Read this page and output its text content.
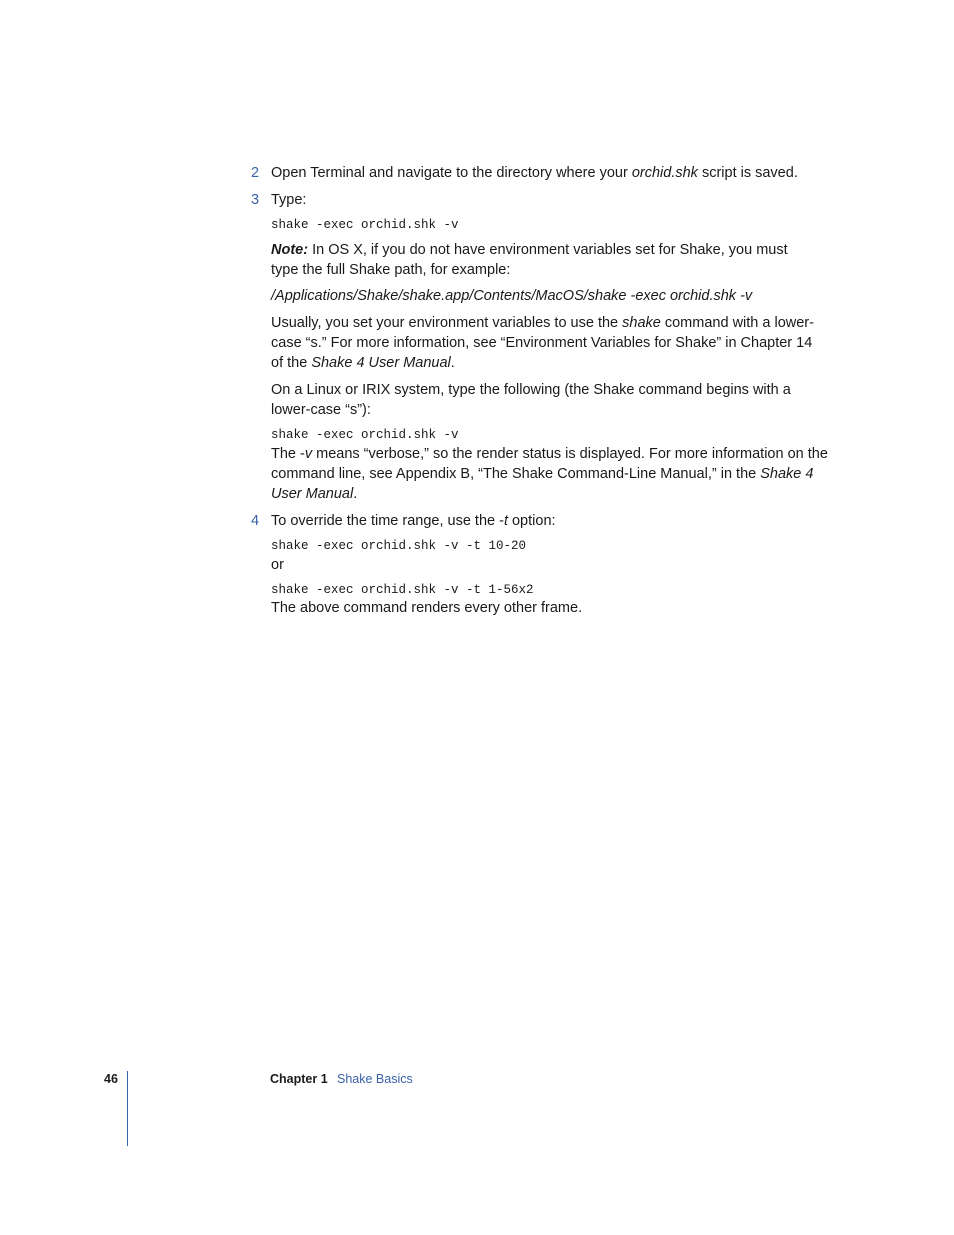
2 Open Terminal and navigate to the directory where your orchid.shk script is saved.

3 Type:

shake -exec orchid.shk -v

Note: In OS X, if you do not have environment variables set for Shake, you must type the full Shake path, for example:

/Applications/Shake/shake.app/Contents/MacOS/shake -exec orchid.shk -v

Usually, you set your environment variables to use the shake command with a lower-case “s.” For more information, see “Environment Variables for Shake” in Chapter 14 of the Shake 4 User Manual.

On a Linux or IRIX system, type the following (the Shake command begins with a lower-case “s”):

shake -exec orchid.shk -v

The -v means “verbose,” so the render status is displayed. For more information on the command line, see Appendix B, “The Shake Command-Line Manual,” in the Shake 4 User Manual.

4 To override the time range, use the -t option:

shake -exec orchid.shk -v -t 10-20

or

shake -exec orchid.shk -v -t 1-56x2

The above command renders every other frame.

46	Chapter 1 Shake Basics
